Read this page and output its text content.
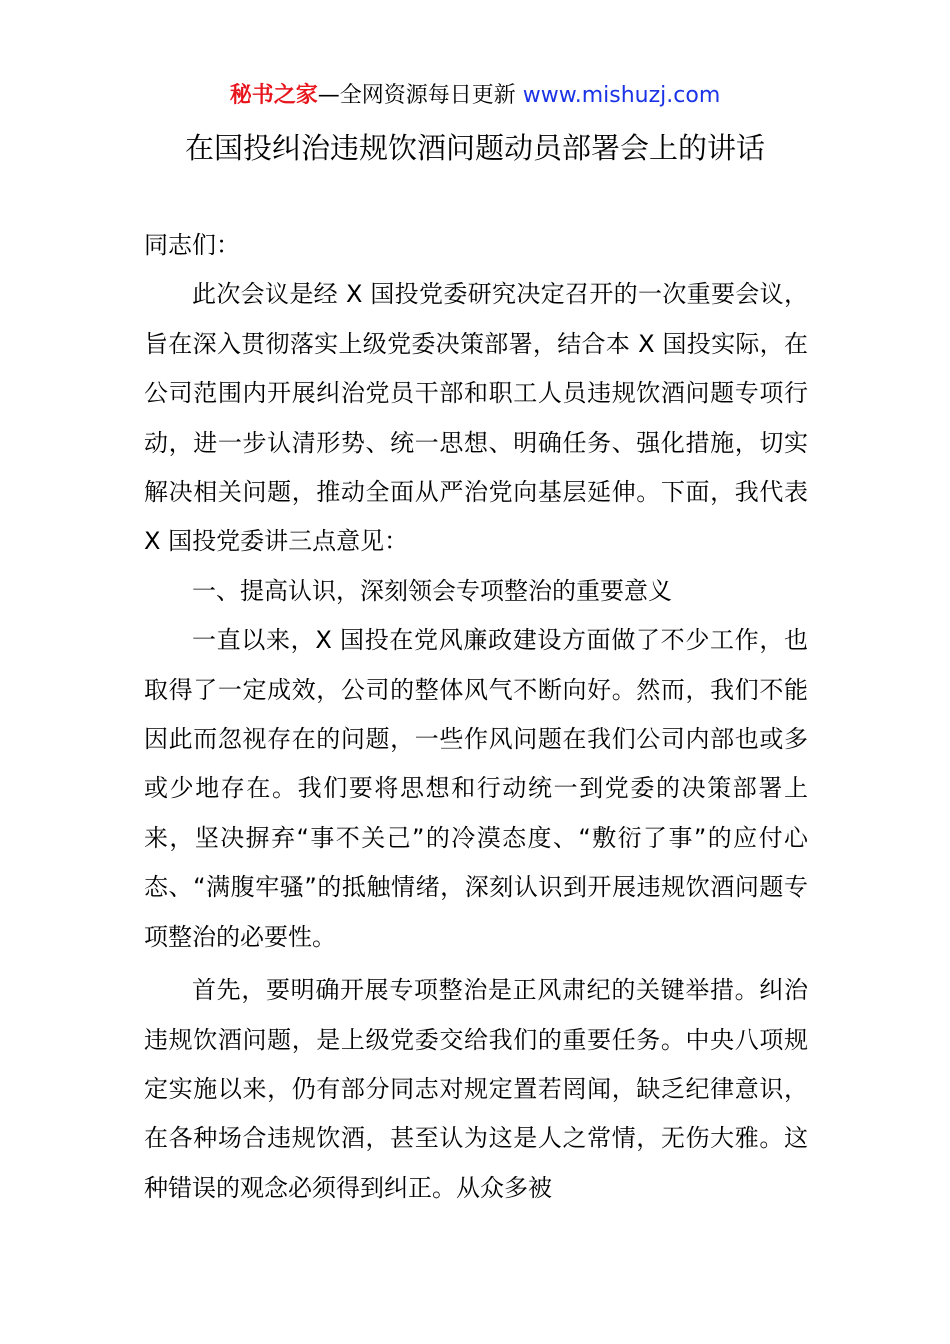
秘书之家—全网资源每日更新 www.mishuzj.com
在国投纠治违规饮酒问题动员部署会上的讲话

同志们：

此次会议是经 X 国投党委研究决定召开的一次重要会议，旨在深入贯彻落实上级党委决策部署，结合本 X 国投实际，在公司范围内开展纠治党员干部和职工人员违规饮酒问题专项行动，进一步认清形势、统一思想、明确任务、强化措施，切实解决相关问题，推动全面从严治党向基层延伸。下面，我代表 X 国投党委讲三点意见：

一、提高认识，深刻领会专项整治的重要意义

一直以来，X 国投在党风廉政建设方面做了不少工作，也取得了一定成效，公司的整体风气不断向好。然而，我们不能因此而忽视存在的问题，一些作风问题在我们公司内部也或多或少地存在。我们要将思想和行动统一到党委的决策部署上来，坚决摒弃“事不关己”的冷漠态度、“敷衍了事”的应付心态、“满腹牢骚”的抵触情绪，深刻认识到开展违规饮酒问题专项整治的必要性。

首先，要明确开展专项整治是正风肃纪的关键举措。纠治违规饮酒问题，是上级党委交给我们的重要任务。中央八项规定实施以来，仍有部分同志对规定置若罔闻，缺乏纪律意识，在各种场合违规饮酒，甚至认为这是人之常情，无伤大雅。这种错误的观念必须得到纠正。从众多被
